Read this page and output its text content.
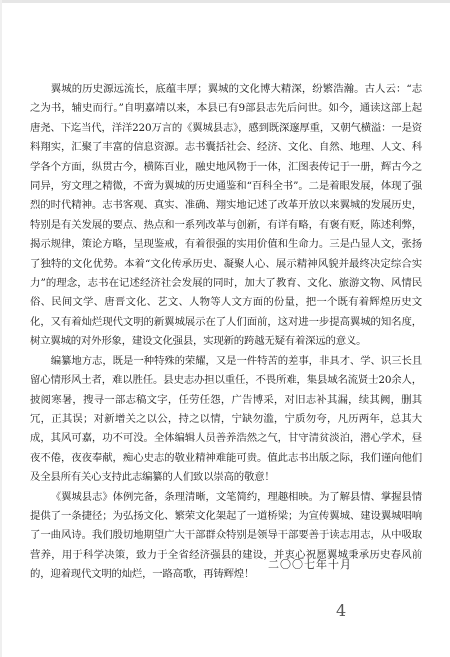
翼城的历史源远流长，底蕴丰厚；翼城的文化博大精深，纷繁浩瀚。古人云：“志之为书，辅史而行。”自明嘉靖以来，本县已有9部县志先后问世。如今，通读这部上起唐尧、下迄当代，洋洋220万言的《翼城县志》，感到既深邃厚重，又朝气横溢：一是资料翔实，汇聚了丰富的信息资源。志书囊括社会、经济、文化、自然、地理、人文、科学各个方面，纵贯古今，横陈百业，融史地风物于一体，汇图表传记于一册，辉古今之同异，穷文理之精微，不啻为翼城的历史通鉴和“百科全书”。二是着眼发展，体现了强烈的时代精神。志书客观、真实、准确、翔实地记述了改革开放以来翼城的发展历史，特别是有关发展的要点、热点和一系列改革与创新，有详有略，有褒有贬，陈述利弊，揭示规律，策论方略，呈现鉴戒，有着很强的实用价值和生命力。三是凸显人文，张扬了独特的文化优势。本着“文化传承历史、凝聚人心、展示精神风貌并最终决定综合实力”的理念，志书在记述经济社会发展的同时，加大了教育、文化、旅游文物、风情民俗、民间文学、唐晋文化、艺文、人物等人文方面的份量，把一个既有着辉煌历史文化，又有着灿烂现代文明的新翼城展示在了人们面前，这对进一步提高翼城的知名度，树立翼城的对外形象，建设文化强县，实现新的跨越无疑有着深远的意义。

编纂地方志，既是一种特殊的荣耀，又是一件特苦的差事，非具才、学、识三长且留心情形风土者，难以胜任。县史志办担以重任，不畏所难，集县域名流贤士20余人，披阅寒暑，搜寻一部志稿文字，任劳任怨，广告博采，对旧志补其漏，续其阙，删其冗，正其误；对新增关之以公，持之以情，宁缺勿滥，宁质勿夸，凡历两年，总其大成，其风可嘉，功不可没。全体编辑人员善养浩然之气，甘守清贫淡泊，潜心学术，昼夜不倦，夜夜奉献，痴心史志的敬业精神难能可贵。值此志书出版之际，我们谨向他们及全县所有关心支持此志编纂的人们致以崇高的敬意！

《翼城县志》体例完备，条理清晰，文笔简约，理趣相映。为了解县情、掌握县情提供了一条捷径；为弘扬文化、繁荣文化架起了一道桥梁；为宣传翼城、建设翼城唱响了一曲风诗。我们殷切地期望广大干部群众特别是领导干部要善于读志用志，从中吸取营养，用于科学决策，致力于全省经济强县的建设，并衷心祝愿翼城秉承历史春风前的，迎着现代文明的灿烂，一路高歌，再铸辉煌！

二〇〇七年十月
4
